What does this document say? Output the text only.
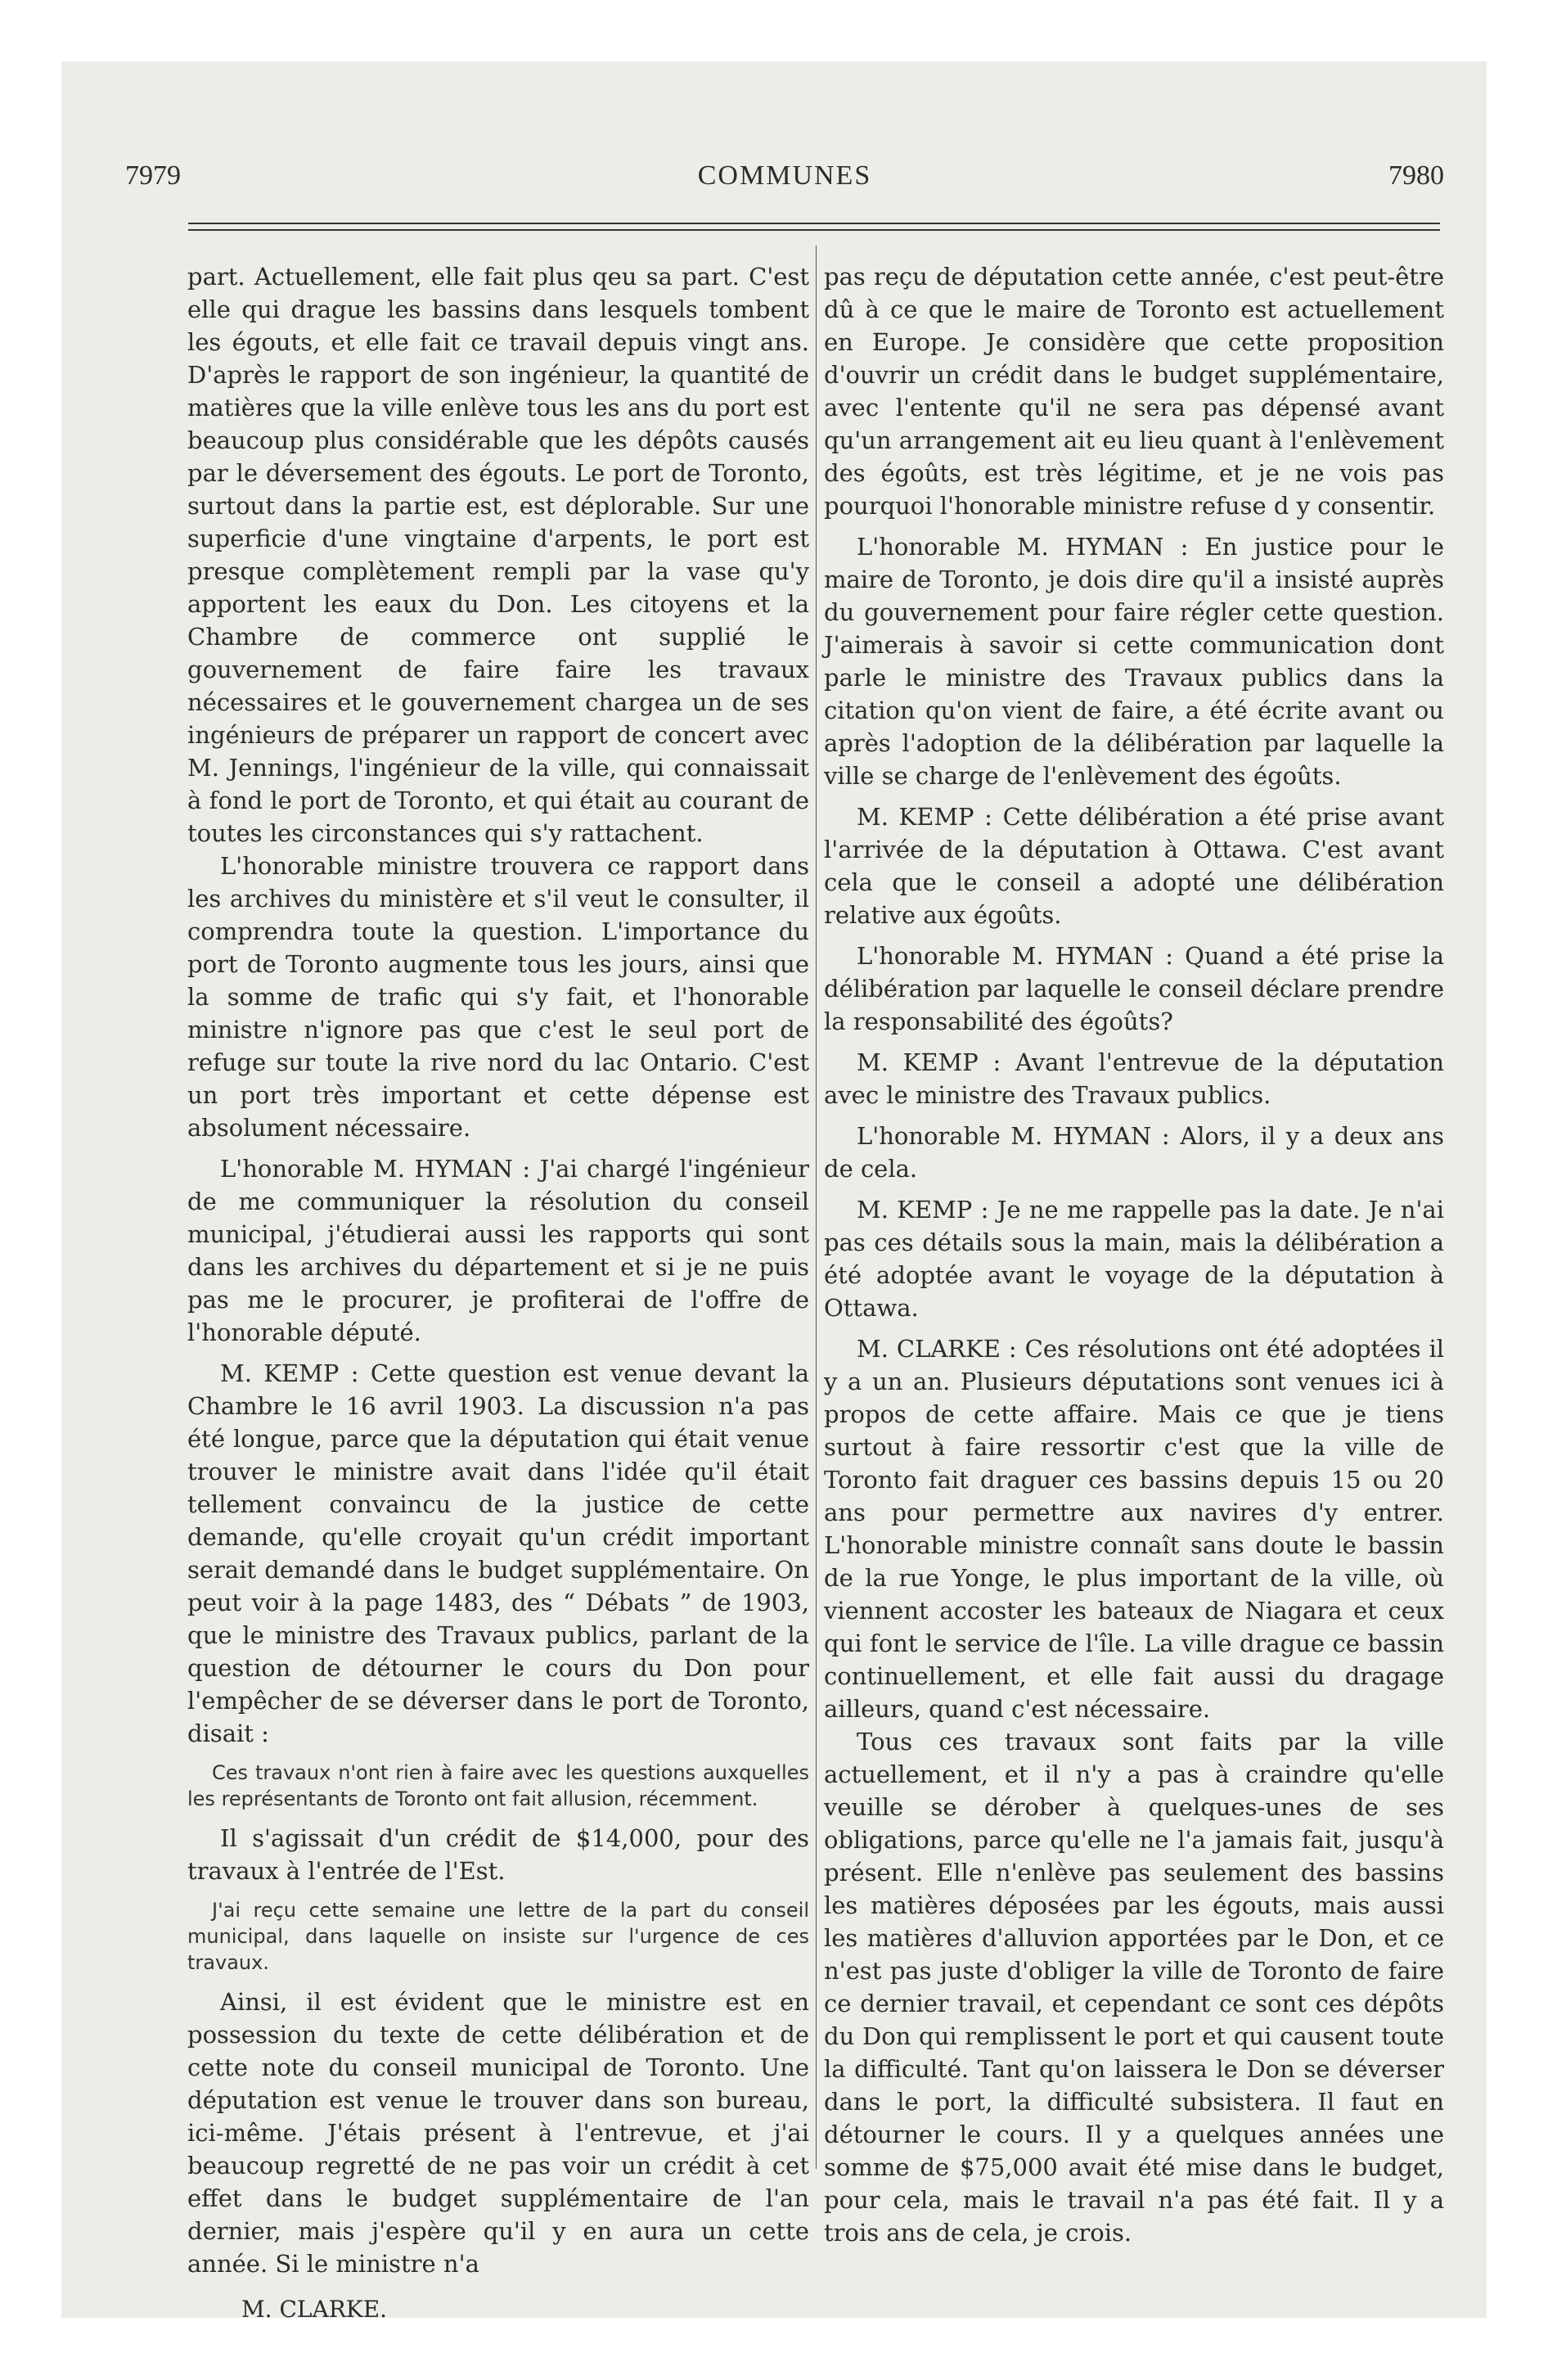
7979	COMMUNES	7980

part. Actuellement, elle fait plus qeu sa part. C'est elle qui drague les bassins dans lesquels tombent les égouts, et elle fait ce travail depuis vingt ans. D'après le rapport de son ingénieur, la quantité de matières que la ville enlève tous les ans du port est beaucoup plus considérable que les dépôts causés par le déversement des égouts. Le port de Toronto, surtout dans la partie est, est déplorable. Sur une superficie d'une vingtaine d'arpents, le port est presque complètement rempli par la vase qu'y apportent les eaux du Don. Les citoyens et la Chambre de commerce ont supplié le gouvernement de faire faire les travaux nécessaires et le gouvernement chargea un de ses ingénieurs de préparer un rapport de concert avec M. Jennings, l'ingénieur de la ville, qui connaissait à fond le port de Toronto, et qui était au courant de toutes les circonstances qui s'y rattachent.

L'honorable ministre trouvera ce rapport dans les archives du ministère et s'il veut le consulter, il comprendra toute la question. L'importance du port de Toronto augmente tous les jours, ainsi que la somme de trafic qui s'y fait, et l'honorable ministre n'ignore pas que c'est le seul port de refuge sur toute la rive nord du lac Ontario. C'est un port très important et cette dépense est absolument nécessaire.

L'honorable M. HYMAN : J'ai chargé l'ingénieur de me communiquer la résolution du conseil municipal, j'étudierai aussi les rapports qui sont dans les archives du département et si je ne puis pas me le procurer, je profiterai de l'offre de l'honorable député.

M. KEMP : Cette question est venue devant la Chambre le 16 avril 1903. La discussion n'a pas été longue, parce que la députation qui était venue trouver le ministre avait dans l'idée qu'il était tellement convaincu de la justice de cette demande, qu'elle croyait qu'un crédit important serait demandé dans le budget supplémentaire. On peut voir à la page 1483, des “ Débats ” de 1903, que le ministre des Travaux publics, parlant de la question de détourner le cours du Don pour l'empêcher de se déverser dans le port de Toronto, disait :

Ces travaux n'ont rien à faire avec les questions auxquelles les représentants de Toronto ont fait allusion, récemment.

Il s'agissait d'un crédit de $14,000, pour des travaux à l'entrée de l'Est.

J'ai reçu cette semaine une lettre de la part du conseil municipal, dans laquelle on insiste sur l'urgence de ces travaux.

Ainsi, il est évident que le ministre est en possession du texte de cette délibération et de cette note du conseil municipal de Toronto. Une députation est venue le trouver dans son bureau, ici-même. J'étais présent à l'entrevue, et j'ai beaucoup regretté de ne pas voir un crédit à cet effet dans le budget supplémentaire de l'an dernier, mais j'espère qu'il y en aura un cette année. Si le ministre n'a

M. CLARKE.

pas reçu de députation cette année, c'est peut-être dû à ce que le maire de Toronto est actuellement en Europe. Je considère que cette proposition d'ouvrir un crédit dans le budget supplémentaire, avec l'entente qu'il ne sera pas dépensé avant qu'un arrangement ait eu lieu quant à l'enlèvement des égoûts, est très légitime, et je ne vois pas pourquoi l'honorable ministre refuse d y consentir.

L'honorable M. HYMAN : En justice pour le maire de Toronto, je dois dire qu'il a insisté auprès du gouvernement pour faire régler cette question. J'aimerais à savoir si cette communication dont parle le ministre des Travaux publics dans la citation qu'on vient de faire, a été écrite avant ou après l'adoption de la délibération par laquelle la ville se charge de l'enlèvement des égoûts.

M. KEMP : Cette délibération a été prise avant l'arrivée de la députation à Ottawa. C'est avant cela que le conseil a adopté une délibération relative aux égoûts.

L'honorable M. HYMAN : Quand a été prise la délibération par laquelle le conseil déclare prendre la responsabilité des égoûts?

M. KEMP : Avant l'entrevue de la députation avec le ministre des Travaux publics.

L'honorable M. HYMAN : Alors, il y a deux ans de cela.

M. KEMP : Je ne me rappelle pas la date. Je n'ai pas ces détails sous la main, mais la délibération a été adoptée avant le voyage de la députation à Ottawa.

M. CLARKE : Ces résolutions ont été adoptées il y a un an. Plusieurs députations sont venues ici à propos de cette affaire. Mais ce que je tiens surtout à faire ressortir c'est que la ville de Toronto fait draguer ces bassins depuis 15 ou 20 ans pour permettre aux navires d'y entrer. L'honorable ministre connaît sans doute le bassin de la rue Yonge, le plus important de la ville, où viennent accoster les bateaux de Niagara et ceux qui font le service de l'île. La ville drague ce bassin continuellement, et elle fait aussi du dragage ailleurs, quand c'est nécessaire.

Tous ces travaux sont faits par la ville actuellement, et il n'y a pas à craindre qu'elle veuille se dérober à quelques-unes de ses obligations, parce qu'elle ne l'a jamais fait, jusqu'à présent. Elle n'enlève pas seulement des bassins les matières déposées par les égouts, mais aussi les matières d'alluvion apportées par le Don, et ce n'est pas juste d'obliger la ville de Toronto de faire ce dernier travail, et cependant ce sont ces dépôts du Don qui remplissent le port et qui causent toute la difficulté. Tant qu'on laissera le Don se déverser dans le port, la difficulté subsistera. Il faut en détourner le cours. Il y a quelques années une somme de $75,000 avait été mise dans le budget, pour cela, mais le travail n'a pas été fait. Il y a trois ans de cela, je crois.
